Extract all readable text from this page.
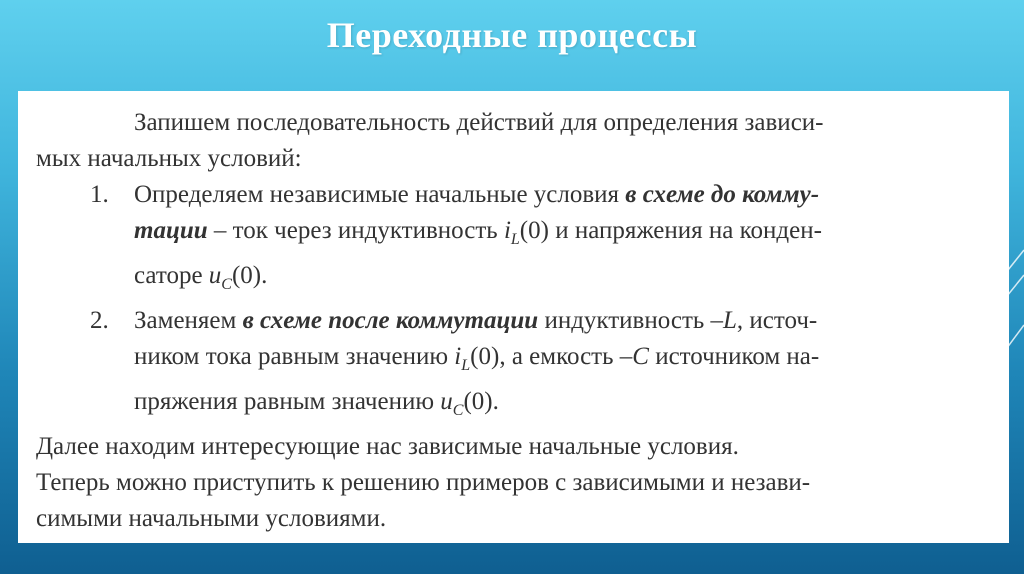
Переходные процессы
Запишем последовательность действий для определения зависи-
мых начальных условий:
1. Определяем независимые начальные условия в схеме до комму-
тации – ток через индуктивность $i_L(0)$ и напряжения на конден-
саторе $u_C(0)$.
2. Заменяем в схеме после коммутации индуктивность –L, источ-
ником тока равным значению $i_L(0)$, а емкость –C источником на-
пряжения равным значению $u_C(0)$.
Далее находим интересующие нас зависимые начальные условия.
Теперь можно приступить к решению примеров с зависимыми и незави-
симыми начальными условиями.
